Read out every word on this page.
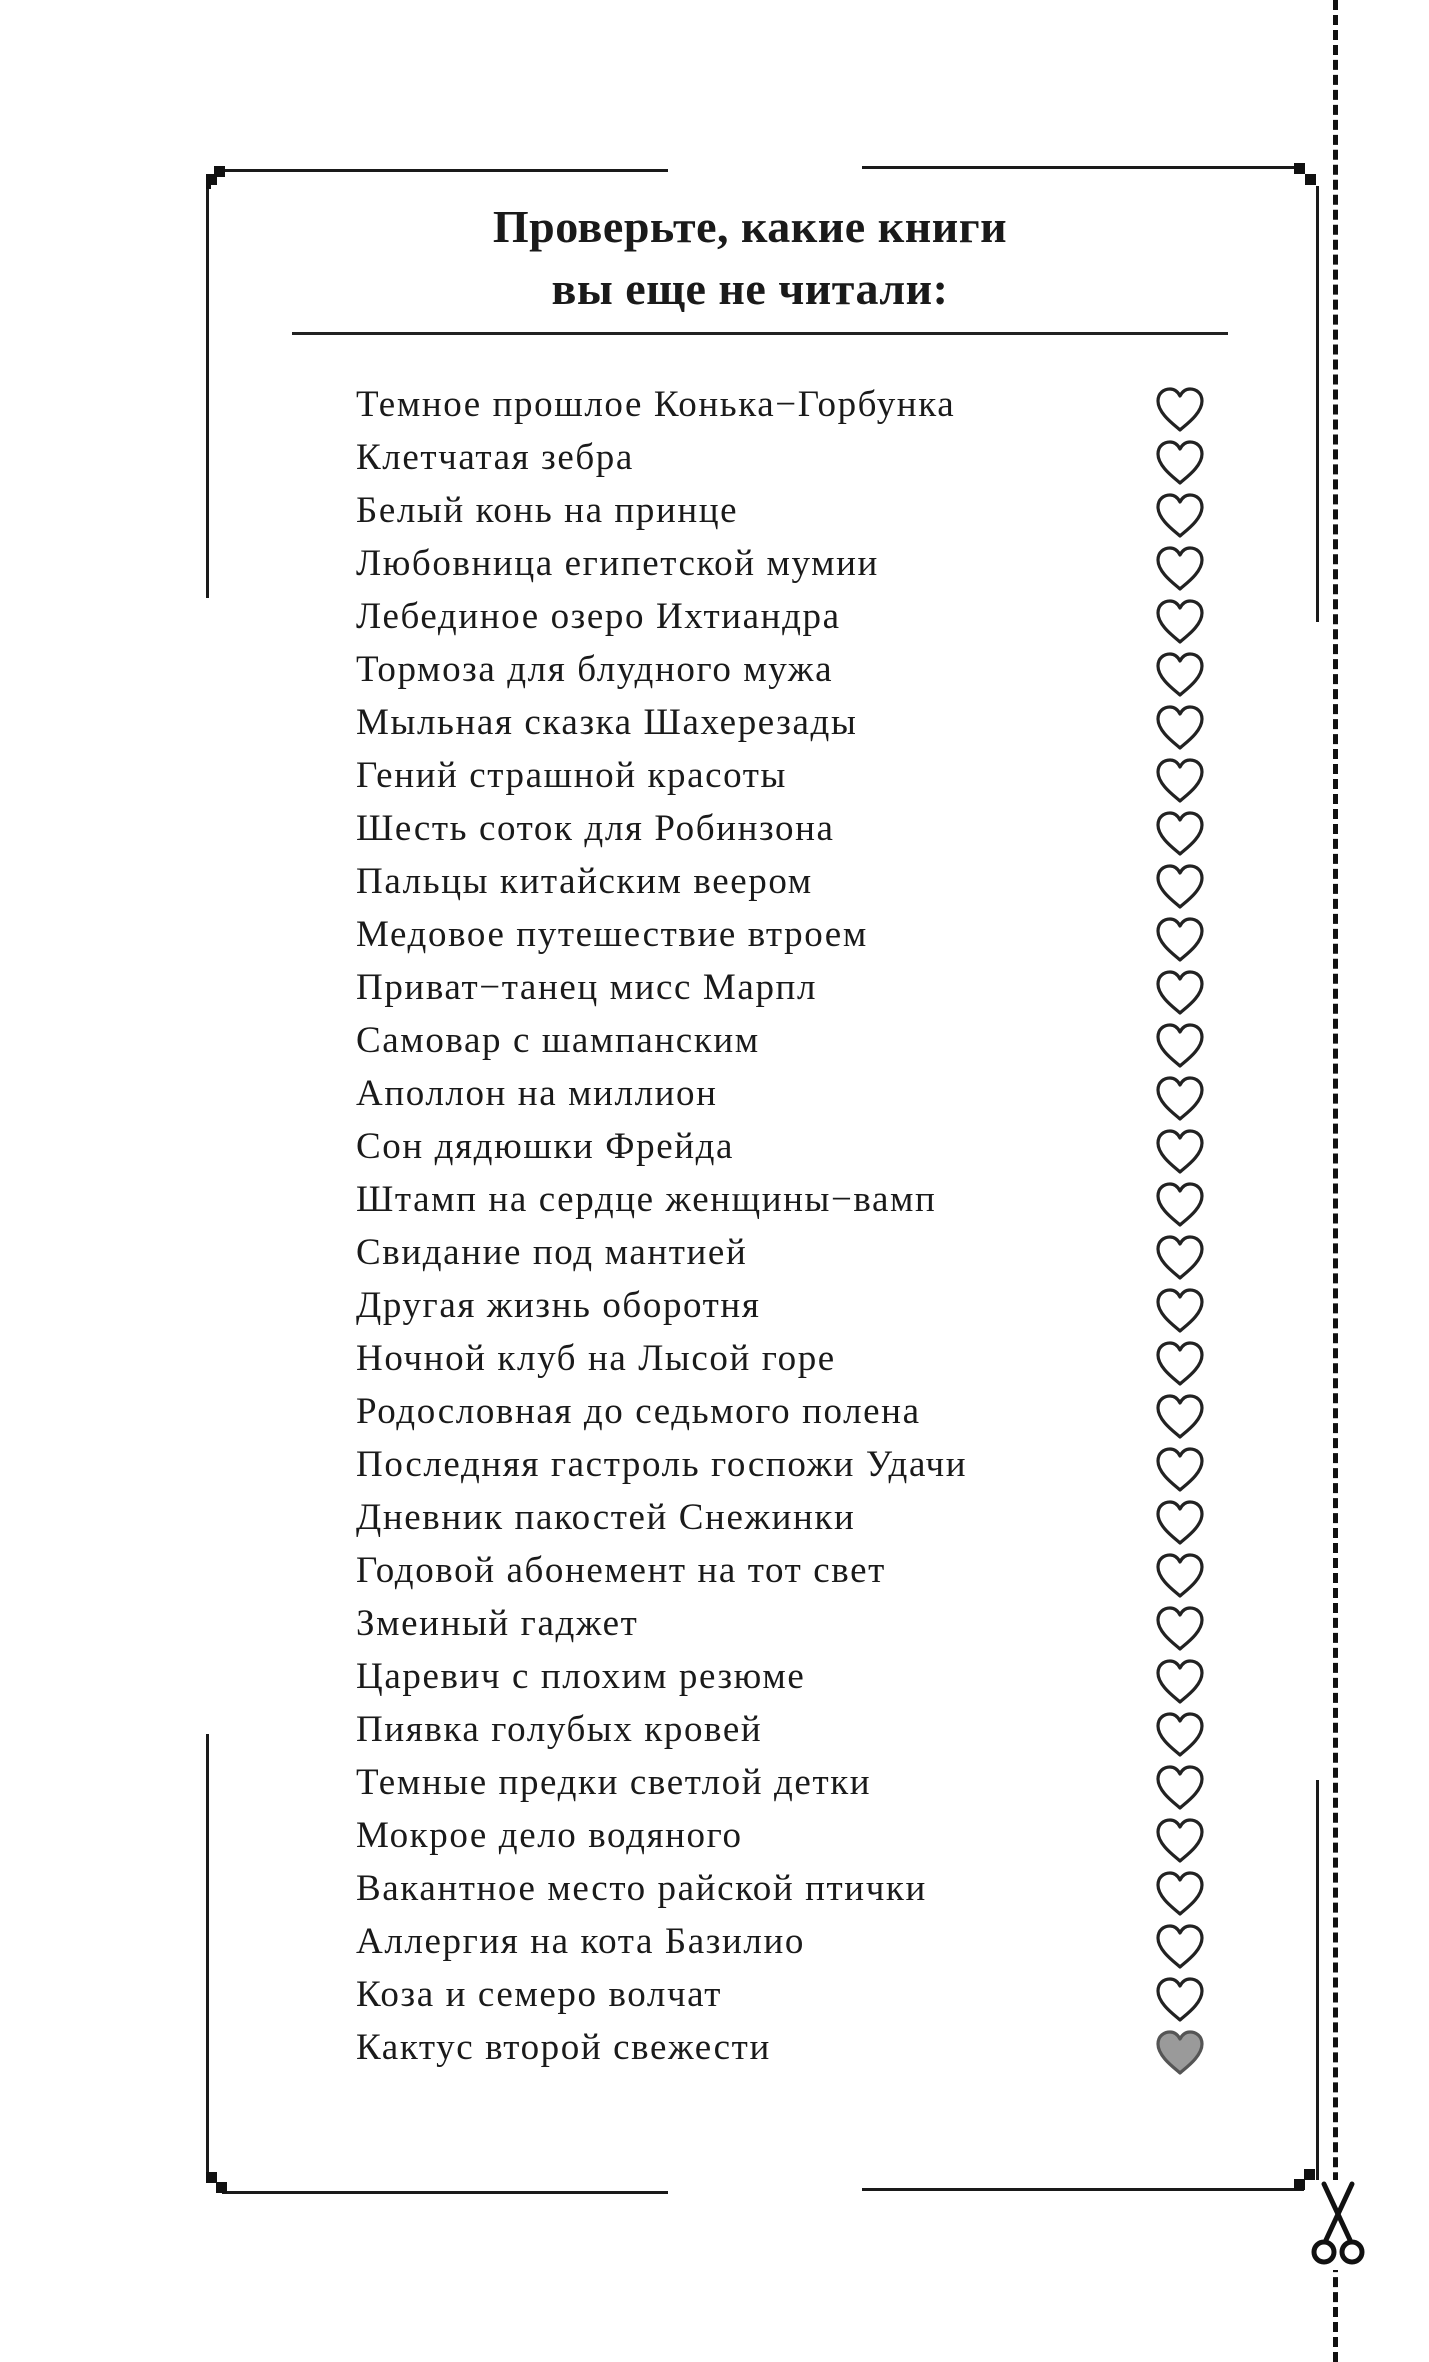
Проверьте, какие книги
вы еще не читали:
Темное прошлое Конька−Горбунка
Клетчатая зебра
Белый конь на принце
Любовница египетской мумии
Лебединое озеро Ихтиандра
Тормоза для блудного мужа
Мыльная сказка Шахерезады
Гений страшной красоты
Шесть соток для Робинзона
Пальцы китайским веером
Медовое путешествие втроем
Приват−танец мисс Марпл
Самовар с шампанским
Аполлон на миллион
Сон дядюшки Фрейда
Штамп на сердце женщины−вамп
Свидание под мантией
Другая жизнь оборотня
Ночной клуб на Лысой горе
Родословная до седьмого полена
Последняя гастроль госпожи Удачи
Дневник пакостей Снежинки
Годовой абонемент на тот свет
Змеиный гаджет
Царевич с плохим резюме
Пиявка голубых кровей
Темные предки светлой детки
Мокрое дело водяного
Вакантное место райской птички
Аллергия на кота Базилио
Коза и семеро волчат
Кактус второй свежести
